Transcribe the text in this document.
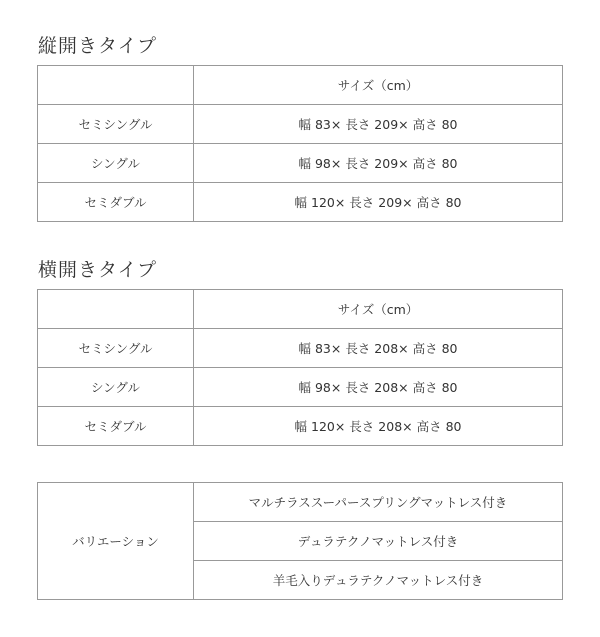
縦開きタイプ
	サイズ（cm）
セミシングル	幅 83× 長さ 209× 高さ 80
シングル	幅 98× 長さ 209× 高さ 80
セミダブル	幅 120× 長さ 209× 高さ 80
横開きタイプ
	サイズ（cm）
セミシングル	幅 83× 長さ 208× 高さ 80
シングル	幅 98× 長さ 208× 高さ 80
セミダブル	幅 120× 長さ 208× 高さ 80
バリエーション	マルチラススーパースプリングマットレス付き
デュラテクノマットレス付き
羊毛入りデュラテクノマットレス付き
